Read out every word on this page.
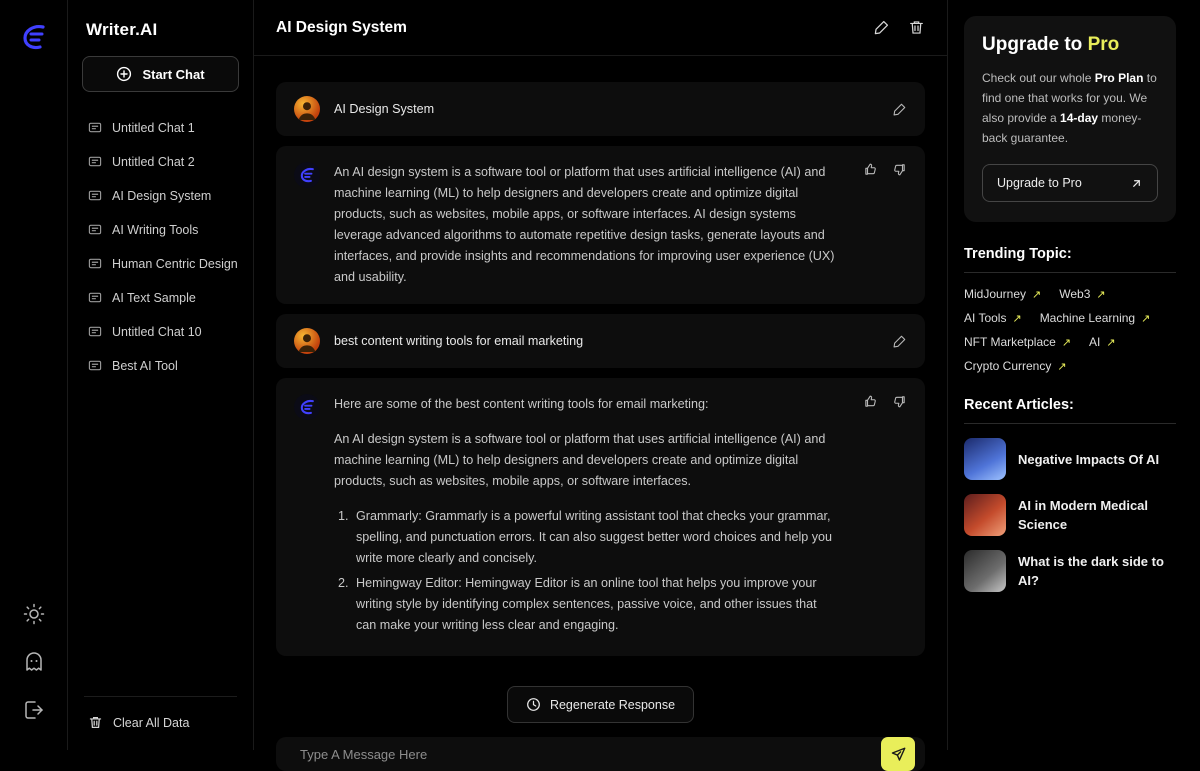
Writer.AI
Start Chat
Untitled Chat 1
Untitled Chat 2
AI Design System
AI Writing Tools
Human Centric Design
AI Text Sample
Untitled Chat 10
Best AI Tool
Clear All Data
AI Design System
AI Design System
An AI design system is a software tool or platform that uses artificial intelligence (AI) and machine learning (ML) to help designers and developers create and optimize digital products, such as websites, mobile apps, or software interfaces. AI design systems leverage advanced algorithms to automate repetitive design tasks, generate layouts and interfaces, and provide insights and recommendations for improving user experience (UX) and usability.
best content writing tools for email marketing

Here are some of the best content writing tools for email marketing:

An AI design system is a software tool or platform that uses artificial intelligence (AI) and machine learning (ML) to help designers and developers create and optimize digital products, such as websites, mobile apps, or software interfaces.

1. Grammarly: Grammarly is a powerful writing assistant tool that checks your grammar, spelling, and punctuation errors. It can also suggest better word choices and help you write more clearly and concisely.
2. Hemingway Editor: Hemingway Editor is an online tool that helps you improve your writing style by identifying complex sentences, passive voice, and other issues that can make your writing less clear and engaging.
Regenerate Response
Type A Message Here
Upgrade to Pro
Check out our whole Pro Plan to find one that works for you. We also provide a 14-day money-back guarantee.
Upgrade to Pro
Trending Topic:
MidJourney ↗ Web3 ↗
AI Tools ↗ Machine Learning ↗
NFT Marketplace ↗ AI ↗
Crypto Currency ↗
Recent Articles:
Negative Impacts Of AI
AI in Modern Medical Science
What is the dark side to AI?
